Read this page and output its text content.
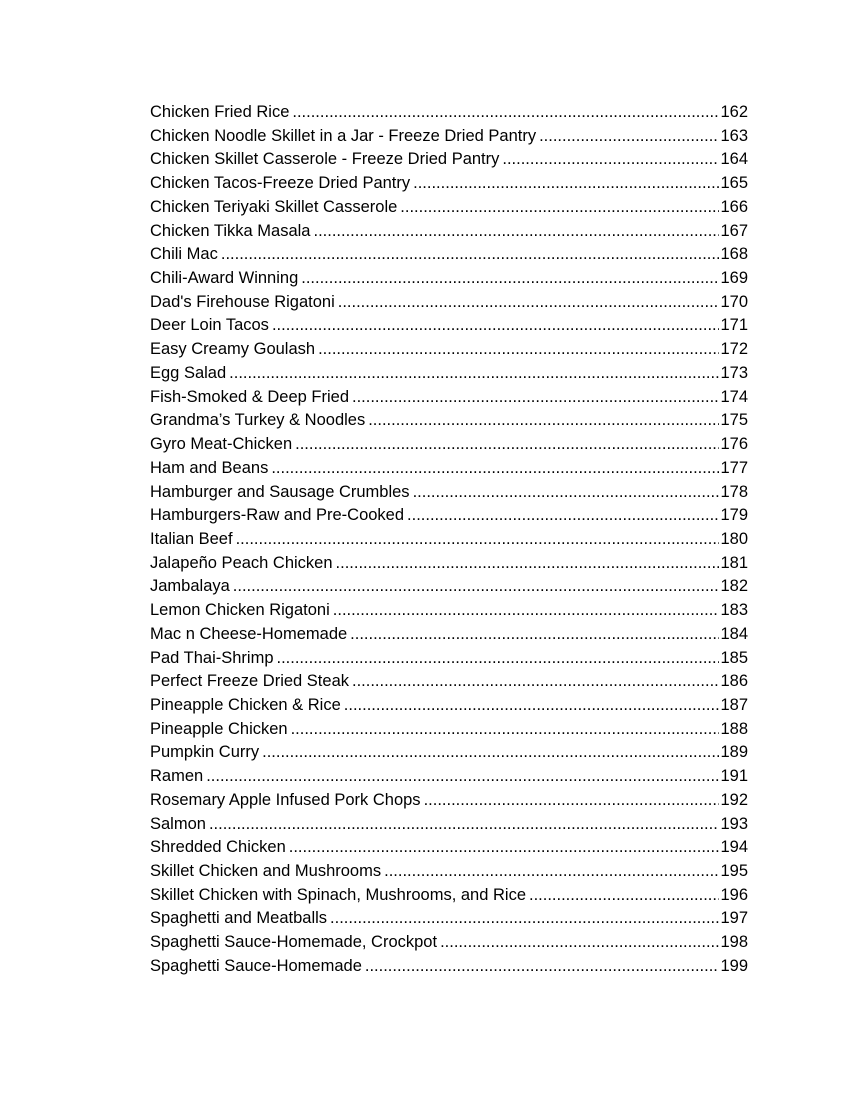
Chicken Fried Rice .....	162
Chicken Noodle Skillet in a Jar - Freeze Dried Pantry .....	163
Chicken Skillet Casserole - Freeze Dried Pantry .....	164
Chicken Tacos-Freeze Dried Pantry .....	165
Chicken Teriyaki Skillet Casserole .....	166
Chicken Tikka Masala .....	167
Chili Mac .....	168
Chili-Award Winning .....	169
Dad's Firehouse Rigatoni .....	170
Deer Loin Tacos .....	171
Easy Creamy Goulash .....	172
Egg Salad .....	173
Fish-Smoked & Deep Fried .....	174
Grandma’s Turkey & Noodles .....	175
Gyro Meat-Chicken .....	176
Ham and Beans .....	177
Hamburger and Sausage Crumbles .....	178
Hamburgers-Raw and Pre-Cooked .....	179
Italian Beef .....	180
Jalapeño Peach Chicken .....	181
Jambalaya .....	182
Lemon Chicken Rigatoni .....	183
Mac n Cheese-Homemade .....	184
Pad Thai-Shrimp .....	185
Perfect Freeze Dried Steak .....	186
Pineapple Chicken & Rice .....	187
Pineapple Chicken .....	188
Pumpkin Curry .....	189
Ramen .....	191
Rosemary Apple Infused Pork Chops .....	192
Salmon .....	193
Shredded Chicken .....	194
Skillet Chicken and Mushrooms .....	195
Skillet Chicken with Spinach, Mushrooms, and Rice .....	196
Spaghetti and Meatballs .....	197
Spaghetti Sauce-Homemade, Crockpot .....	198
Spaghetti Sauce-Homemade .....	199
